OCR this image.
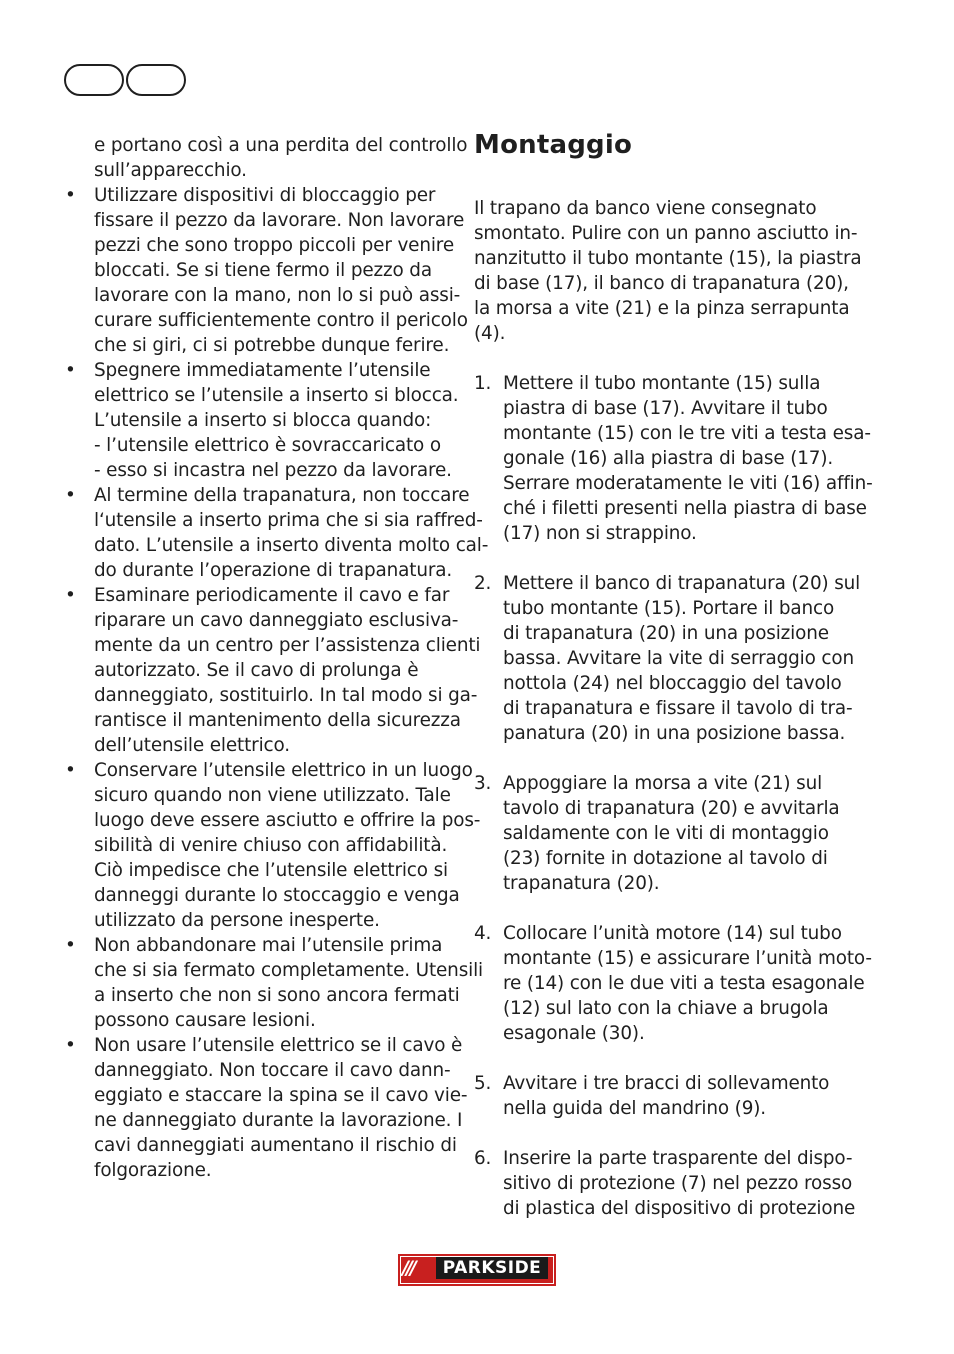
e portano così a una perdita del controllo
sull’apparecchio.
• Utilizzare dispositivi di bloccaggio per
fissare il pezzo da lavorare. Non lavorare
pezzi che sono troppo piccoli per venire
bloccati. Se si tiene fermo il pezzo da
lavorare con la mano, non lo si può assi-
curare sufficientemente contro il pericolo
che si giri, ci si potrebbe dunque ferire.
• Spegnere immediatamente l’utensile
elettrico se l’utensile a inserto si blocca.
L’utensile a inserto si blocca quando:
- l’utensile elettrico è sovraccaricato o
- esso si incastra nel pezzo da lavorare.
• Al termine della trapanatura, non toccare
l‘utensile a inserto prima che si sia raffred-
dato. L’utensile a inserto diventa molto cal-
do durante l’operazione di trapanatura.
• Esaminare periodicamente il cavo e far
riparare un cavo danneggiato esclusiva-
mente da un centro per l’assistenza clienti
autorizzato. Se il cavo di prolunga è
danneggiato, sostituirlo. In tal modo si ga-
rantisce il mantenimento della sicurezza
dell’utensile elettrico.
• Conservare l’utensile elettrico in un luogo
sicuro quando non viene utilizzato. Tale
luogo deve essere asciutto e offrire la pos-
sibilità di venire chiuso con affidabilità.
Ciò impedisce che l’utensile elettrico si
danneggi durante lo stoccaggio e venga
utilizzato da persone inesperte.
• Non abbandonare mai l’utensile prima
che si sia fermato completamente. Utensili
a inserto che non si sono ancora fermati
possono causare lesioni.
• Non usare l’utensile elettrico se il cavo è
danneggiato. Non toccare il cavo dann-
eggiato e staccare la spina se il cavo vie-
ne danneggiato durante la lavorazione. I
cavi danneggiati aumentano il rischio di
folgorazione.
Montaggio
Il trapano da banco viene consegnato
smontato. Pulire con un panno asciutto in-
nanzitutto il tubo montante (15), la piastra
di base (17), il banco di trapanatura (20),
la morsa a vite (21) e la pinza serrapunta
(4).
1. Mettere il tubo montante (15) sulla
piastra di base (17). Avvitare il tubo
montante (15) con le tre viti a testa esa-
gonale (16) alla piastra di base (17).
Serrare moderatamente le viti (16) affin-
ché i filetti presenti nella piastra di base
(17) non si strappino.
2. Mettere il banco di trapanatura (20) sul
tubo montante (15). Portare il banco
di trapanatura (20) in una posizione
bassa. Avvitare la vite di serraggio con
nottola (24) nel bloccaggio del tavolo
di trapanatura e fissare il tavolo di tra-
panatura (20) in una posizione bassa.
3. Appoggiare la morsa a vite (21) sul
tavolo di trapanatura (20) e avvitarla
saldamente con le viti di montaggio
(23) fornite in dotazione al tavolo di
trapanatura (20).
4. Collocare l’unità motore (14) sul tubo
montante (15) e assicurare l’unità moto-
re (14) con le due viti a testa esagonale
(12) sul lato con la chiave a brugola
esagonale (30).
5. Avvitare i tre bracci di sollevamento
nella guida del mandrino (9).
6. Inserire la parte trasparente del dispo-
sitivo di protezione (7) nel pezzo rosso
di plastica del dispositivo di protezione
///	PARKSIDE
